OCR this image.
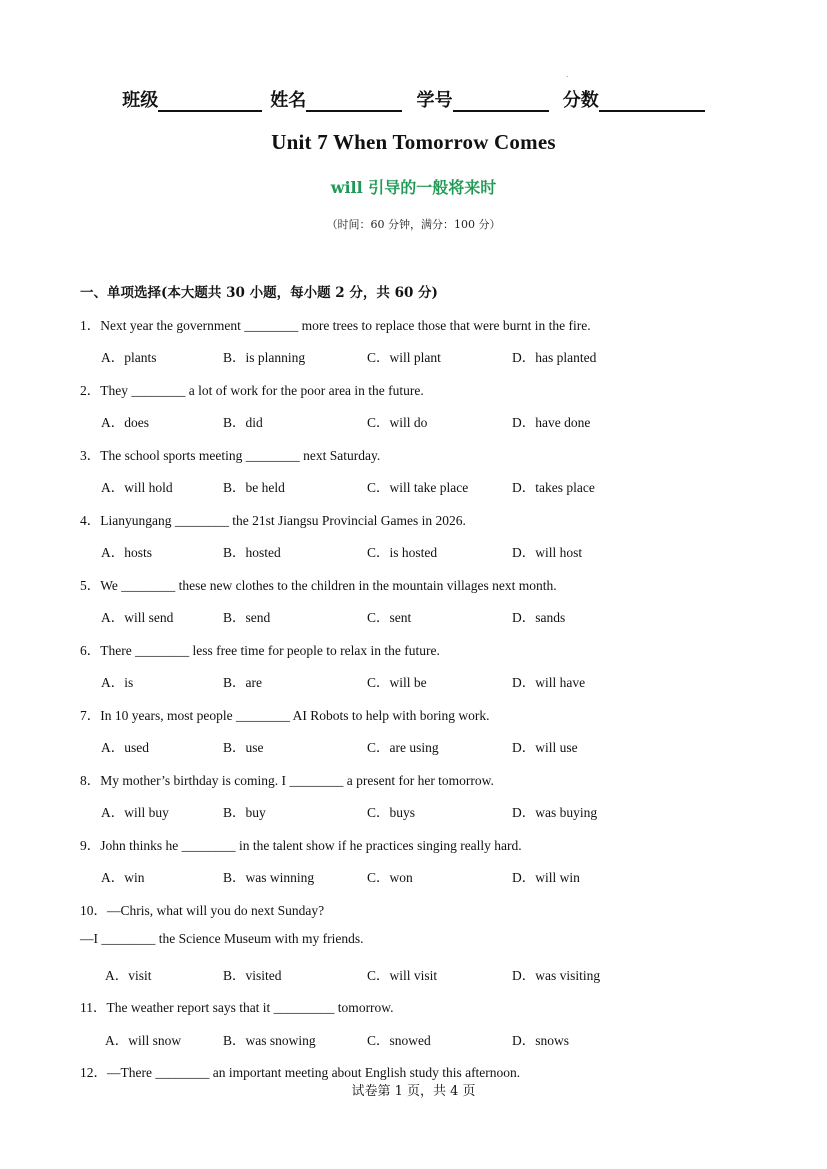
.
班级	姓名	学号	分数
Unit 7 When Tomorrow Comes
will 引导的一般将来时
（时间：60 分钟，满分：100 分）
一、单项选择(本大题共 30 小题，每小题 2 分，共 60 分)
1．Next year the government ________ more trees to replace those that were burnt in the fire.
A．plants	B．is planning	C．will plant	D．has planted
2．They ________ a lot of work for the poor area in the future.
A．does	B．did	C．will do	D．have done
3．The school sports meeting ________ next Saturday.
A．will hold	B．be held	C．will take place	D．takes place
4．Lianyungang ________ the 21st Jiangsu Provincial Games in 2026.
A．hosts	B．hosted	C．is hosted	D．will host
5．We ________ these new clothes to the children in the mountain villages next month.
A．will send	B．send	C．sent	D．sands
6．There ________ less free time for people to relax in the future.
A．is	B．are	C．will be	D．will have
7．In 10 years, most people ________ AI Robots to help with boring work.
A．used	B．use	C．are using	D．will use
8．My mother’s birthday is coming. I ________ a present for her tomorrow.
A．will buy	B．buy	C．buys	D．was buying
9．John thinks he ________ in the talent show if he practices singing really hard.
A．win	B．was winning	C．won	D．will win
10．—Chris, what will you do next Sunday?
—I ________ the Science Museum with my friends.
A．visit	B．visited	C．will visit	D．was visiting
11．The weather report says that it _________ tomorrow.
A．will snow	B．was snowing	C．snowed	D．snows
12．—There ________ an important meeting about English study this afternoon.
试卷第 1 页，共 4 页
